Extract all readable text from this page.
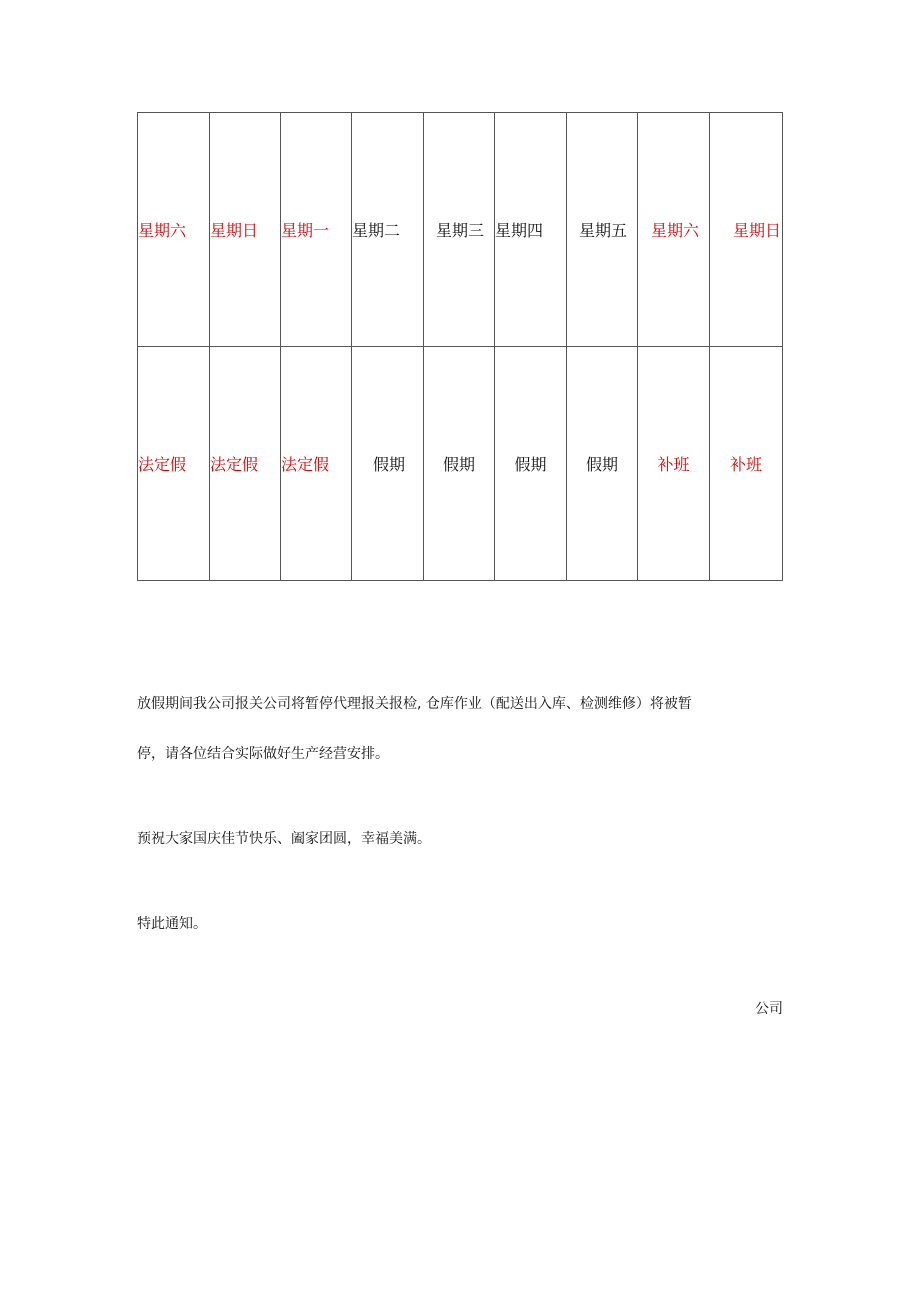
星期六	星期日	星期一	星期二	星期三	星期四	星期五	星期六	星期日
法定假	法定假	法定假	假期	假期	假期	假期	补班	补班

放假期间我公司报关公司将暂停代理报关报检, 仓库作业（配送出入库、检测维修）将被暂

停，请各位结合实际做好生产经营安排。

预祝大家国庆佳节快乐、阖家团圆，幸福美满。

特此通知。

公司
